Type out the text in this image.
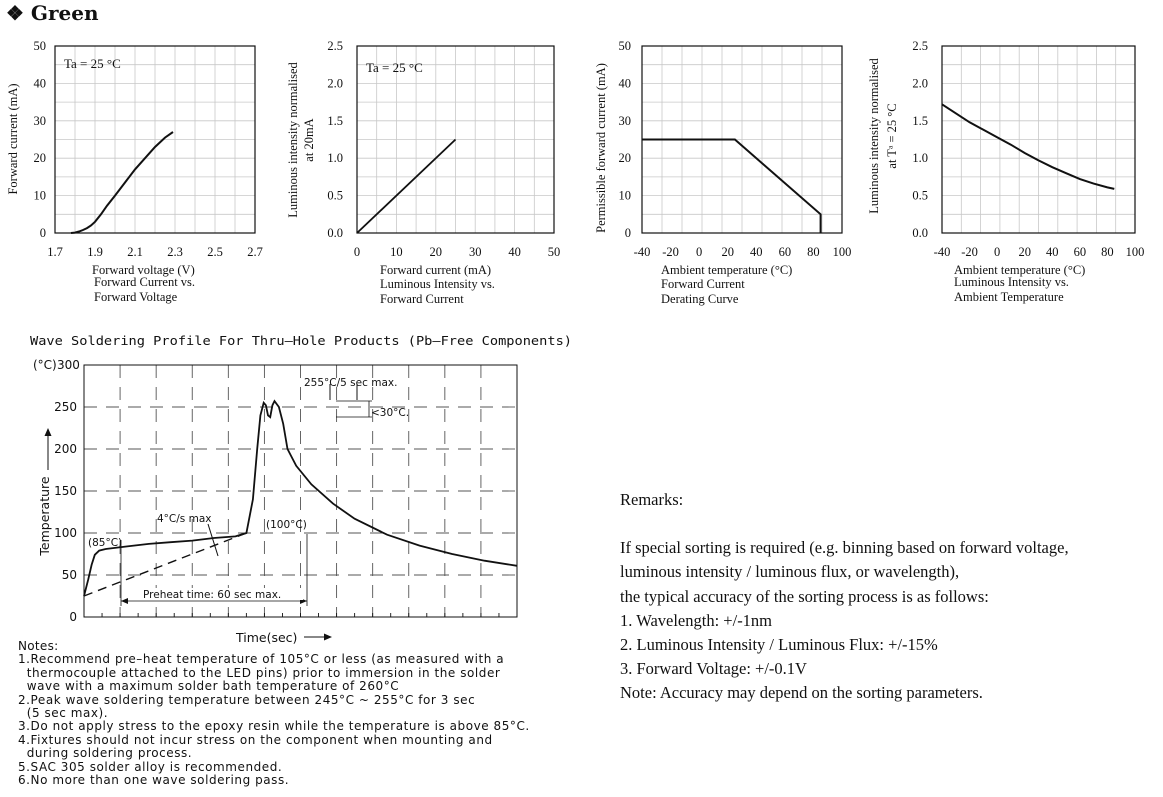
❖ Green
1.7 1.9 2.1 2.3 2.5 2.7
0
10
20
30
40
50
Ta = 25 °C
Forward current (mA)
Forward voltage (V)
Forward Current vs.
Forward Voltage
0 10 20 30 40 50
0.0
0.5
1.0
1.5
2.0
2.5
Ta = 25 °C
Luminous intensity normalised at 20mA
Forward current (mA)
Luminous Intensity vs.
Forward Current
-40 -20 0 20 40 60 80 100
0
10
20
30
40
50
Permissible forward current (mA)
Ambient temperature (°C)
Forward Current
Derating Curve
-40 -20 0 20 40 60 80 100
0.0
0.5
1.0
1.5
2.0
2.5
Luminous intensity normalised at Tᵃ = 25 °C
Ambient temperature (°C)
Luminous Intensity vs.
Ambient Temperature
Wave Soldering Profile For Thru–Hole Products (Pb–Free Components)
0
50
100
150
200
250
300
(°C)
Temperature
Time(sec)
255°C/5 sec max.
<30°C.
4°C/s max	(100°C)
(85°C)
Preheat time: 60 sec max.
Notes:
1.Recommend pre–heat temperature of 105°C or less (as measured with a
thermocouple attached to the LED pins) prior to immersion in the solder
wave with a maximum solder bath temperature of 260°C
2.Peak wave soldering temperature between 245°C ~ 255°C for 3 sec
(5 sec max).
3.Do not apply stress to the epoxy resin while the temperature is above 85°C.
4.Fixtures should not incur stress on the component when mounting and
during soldering process.
5.SAC 305 solder alloy is recommended.
6.No more than one wave soldering pass.
Remarks:
If special sorting is required (e.g. binning based on forward voltage,
luminous intensity / luminous flux, or wavelength),
the typical accuracy of the sorting process is as follows:
1. Wavelength: +/-1nm
2. Luminous Intensity / Luminous Flux: +/-15%
3. Forward Voltage: +/-0.1V
Note: Accuracy may depend on the sorting parameters.
